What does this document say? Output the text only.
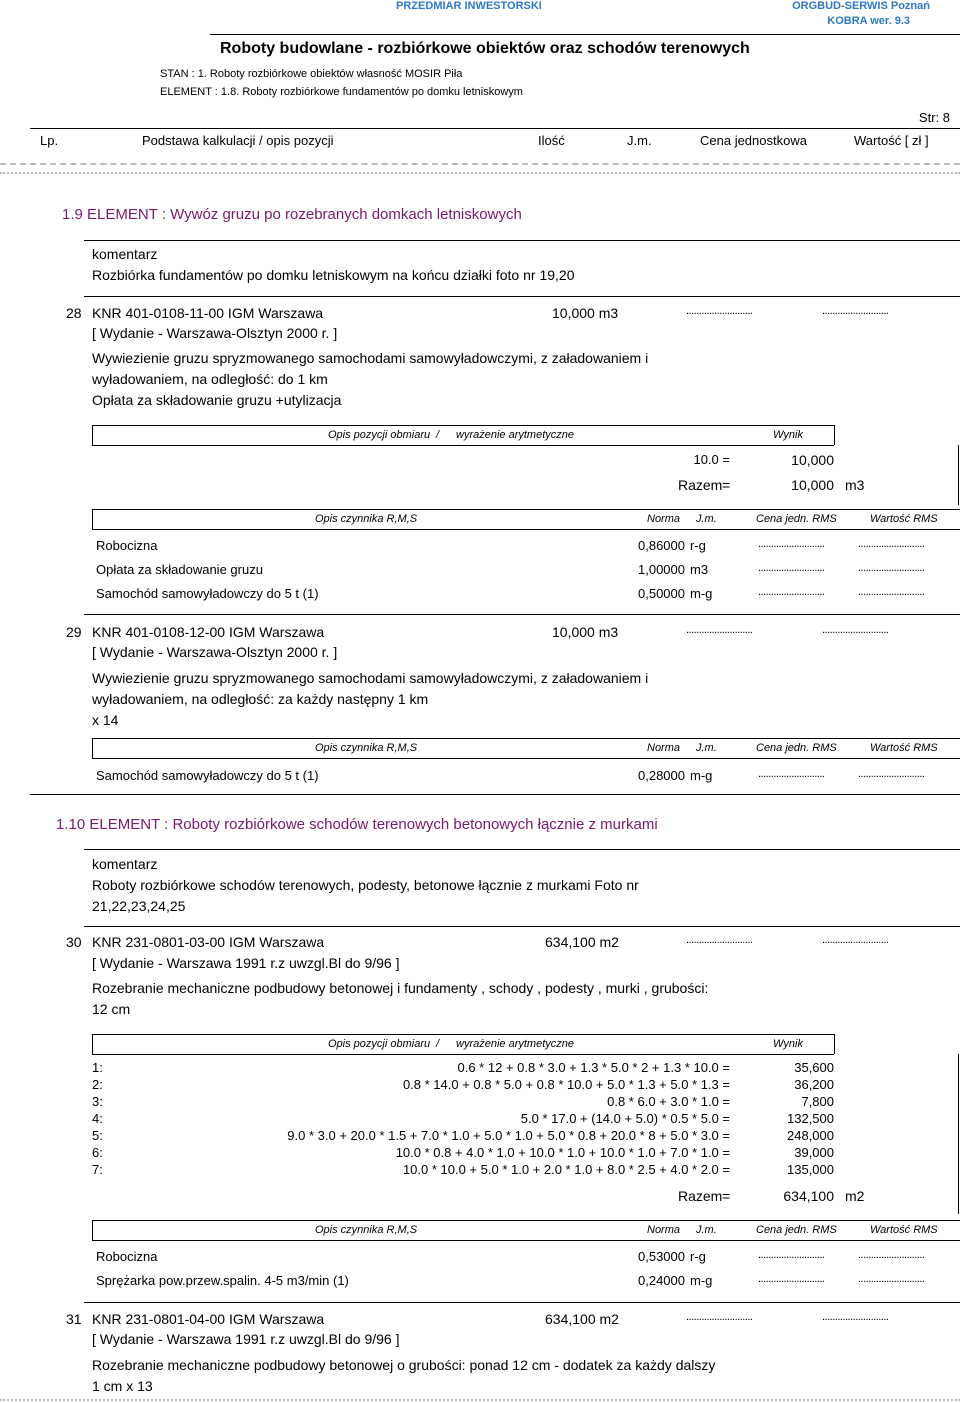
PRZEDMIAR INWESTORSKI	ORGBUD-SERWIS Poznań
KOBRA wer. 9.3
Roboty budowlane - rozbiórkowe obiektów oraz schodów terenowych
STAN : 1. Roboty rozbiórkowe obiektów własność MOSIR Piła
ELEMENT : 1.8. Roboty rozbiórkowe fundamentów po domku letniskowym
Str: 8
Lp.	Podstawa kalkulacji / opis pozycji	Ilość	J.m.	Cena jednostkowa	Wartość [ zł ]
1.9 ELEMENT : Wywóz gruzu po rozebranych domkach letniskowych
komentarz
Rozbiórka fundamentów po domku letniskowym na końcu działki foto nr 19,20
28 KNR 401-0108-11-00 IGM Warszawa	10,000 m3	..........................	..........................
[ Wydanie - Warszawa-Olsztyn 2000 r. ]
Wywiezienie gruzu spryzmowanego samochodami samowyładowczymi, z załadowaniem i
wyładowaniem, na odległość: do 1 km
Opłata za składowanie gruzu +utylizacja
Opis pozycji obmiaru / wyrażenie arytmetyczne	Wynik
10.0 =	10,000
Razem =	10,000 m3
Opis czynnika R,M,S	Norma J.m.	Cena jedn. RMS	Wartość RMS
Robocizna	0,86000 r-g	..........................	..........................
Opłata za składowanie gruzu	1,00000 m3	..........................	..........................
Samochód samowyładowczy do 5 t (1)	0,50000 m-g	..........................	..........................
29 KNR 401-0108-12-00 IGM Warszawa	10,000 m3	..........................	..........................
[ Wydanie - Warszawa-Olsztyn 2000 r. ]
Wywiezienie gruzu spryzmowanego samochodami samowyładowczymi, z załadowaniem i
wyładowaniem, na odległość: za każdy następny 1 km
x 14
Opis czynnika R,M,S	Norma J.m.	Cena jedn. RMS	Wartość RMS
Samochód samowyładowczy do 5 t (1)	0,28000 m-g	..........................	..........................
1.10 ELEMENT : Roboty rozbiórkowe schodów terenowych betonowych łącznie z murkami
komentarz
Roboty rozbiórkowe schodów terenowych, podesty, betonowe łącznie z murkami Foto nr
21,22,23,24,25
30 KNR 231-0801-03-00 IGM Warszawa	634,100 m2	..........................	..........................
[ Wydanie - Warszawa 1991 r.z uwzgl.Bl do 9/96 ]
Rozebranie mechaniczne podbudowy betonowej i fundamenty , schody , podesty , murki , grubości:
12 cm
Opis pozycji obmiaru / wyrażenie arytmetyczne	Wynik
1:	0.6 * 12 + 0.8 * 3.0 + 1.3 * 5.0 * 2 + 1.3 * 10.0 =	35,600
2:	0.8 * 14.0 + 0.8 * 5.0 + 0.8 * 10.0 + 5.0 * 1.3 + 5.0 * 1.3 =	36,200
3:	0.8 * 6.0 + 3.0 * 1.0 =	7,800
4:	5.0 * 17.0 + (14.0 + 5.0) * 0.5 * 5.0 =	132,500
5:	9.0 * 3.0 + 20.0 * 1.5 + 7.0 * 1.0 + 5.0 * 1.0 + 5.0 * 0.8 + 20.0 * 8 + 5.0 * 3.0 =	248,000
6:	10.0 * 0.8 + 4.0 * 1.0 + 10.0 * 1.0 + 10.0 * 1.0 + 7.0 * 1.0 =	39,000
7:	10.0 * 10.0 + 5.0 * 1.0 + 2.0 * 1.0 + 8.0 * 2.5 + 4.0 * 2.0 =	135,000
Razem =	634,100 m2
Opis czynnika R,M,S	Norma J.m.	Cena jedn. RMS	Wartość RMS
Robocizna	0,53000 r-g	..........................	..........................
Sprężarka pow.przew.spalin. 4-5 m3/min (1)	0,24000 m-g	..........................	..........................
31 KNR 231-0801-04-00 IGM Warszawa	634,100 m2	..........................	..........................
[ Wydanie - Warszawa 1991 r.z uwzgl.Bl do 9/96 ]
Rozebranie mechaniczne podbudowy betonowej o grubości: ponad 12 cm - dodatek za każdy dalszy
1 cm x 13
